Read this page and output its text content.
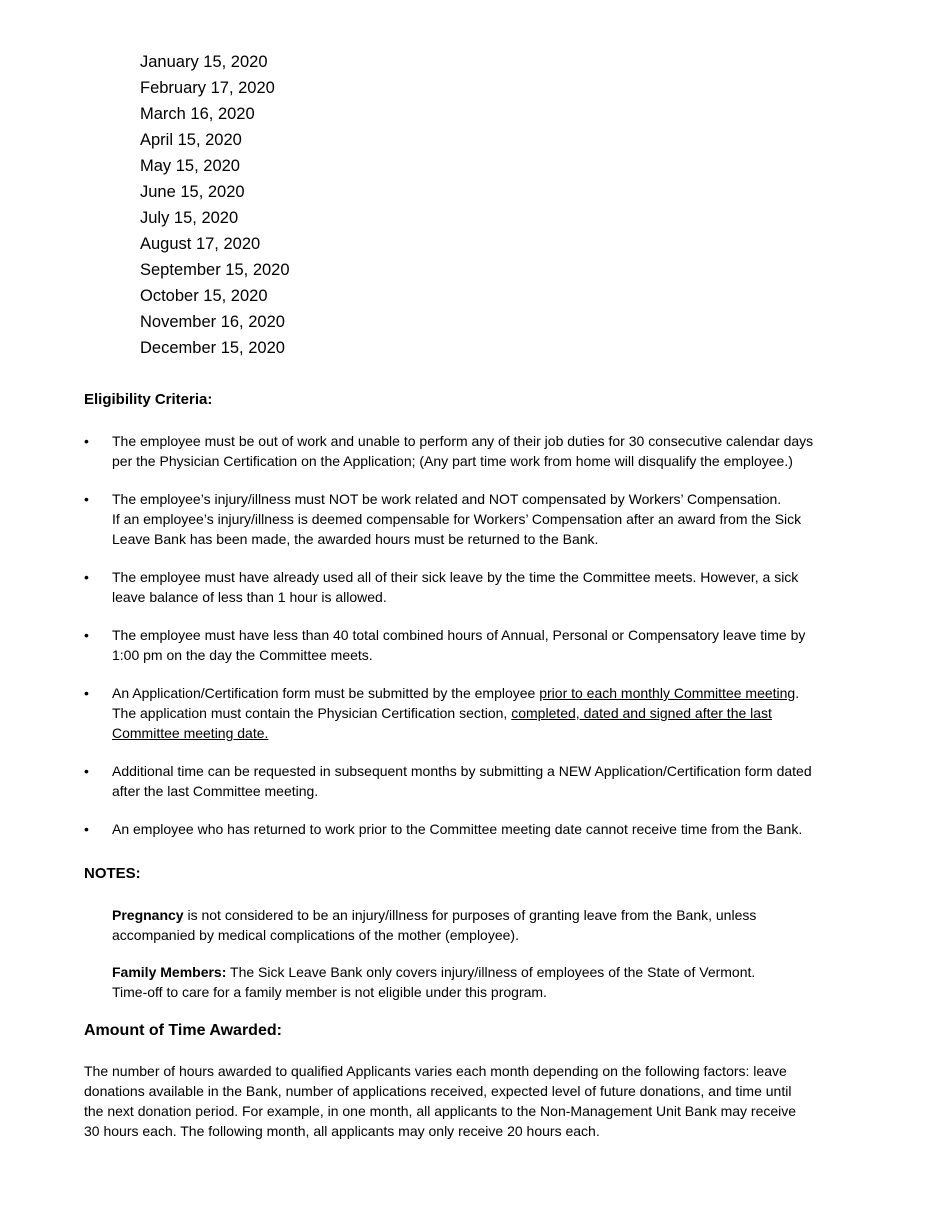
January 15, 2020
February 17, 2020
March 16, 2020
April 15, 2020
May 15, 2020
June 15, 2020
July 15, 2020
August 17, 2020
September 15, 2020
October 15, 2020
November 16, 2020
December 15, 2020
Eligibility Criteria:
• The employee must be out of work and unable to perform any of their job duties for 30 consecutive calendar days
per the Physician Certification on the Application; (Any part time work from home will disqualify the employee.)
• The employee’s injury/illness must NOT be work related and NOT compensated by Workers’ Compensation.
If an employee’s injury/illness is deemed compensable for Workers’ Compensation after an award from the Sick
Leave Bank has been made, the awarded hours must be returned to the Bank.
• The employee must have already used all of their sick leave by the time the Committee meets. However, a sick
leave balance of less than 1 hour is allowed.
• The employee must have less than 40 total combined hours of Annual, Personal or Compensatory leave time by
1:00 pm on the day the Committee meets.
• An Application/Certification form must be submitted by the employee prior to each monthly Committee meeting.
The application must contain the Physician Certification section, completed, dated and signed after the last
Committee meeting date.
• Additional time can be requested in subsequent months by submitting a NEW Application/Certification form dated
after the last Committee meeting.
• An employee who has returned to work prior to the Committee meeting date cannot receive time from the Bank.
NOTES:
Pregnancy is not considered to be an injury/illness for purposes of granting leave from the Bank, unless
accompanied by medical complications of the mother (employee).
Family Members: The Sick Leave Bank only covers injury/illness of employees of the State of Vermont.
Time-off to care for a family member is not eligible under this program.
Amount of Time Awarded:
The number of hours awarded to qualified Applicants varies each month depending on the following factors: leave
donations available in the Bank, number of applications received, expected level of future donations, and time until
the next donation period. For example, in one month, all applicants to the Non-Management Unit Bank may receive
30 hours each. The following month, all applicants may only receive 20 hours each.
